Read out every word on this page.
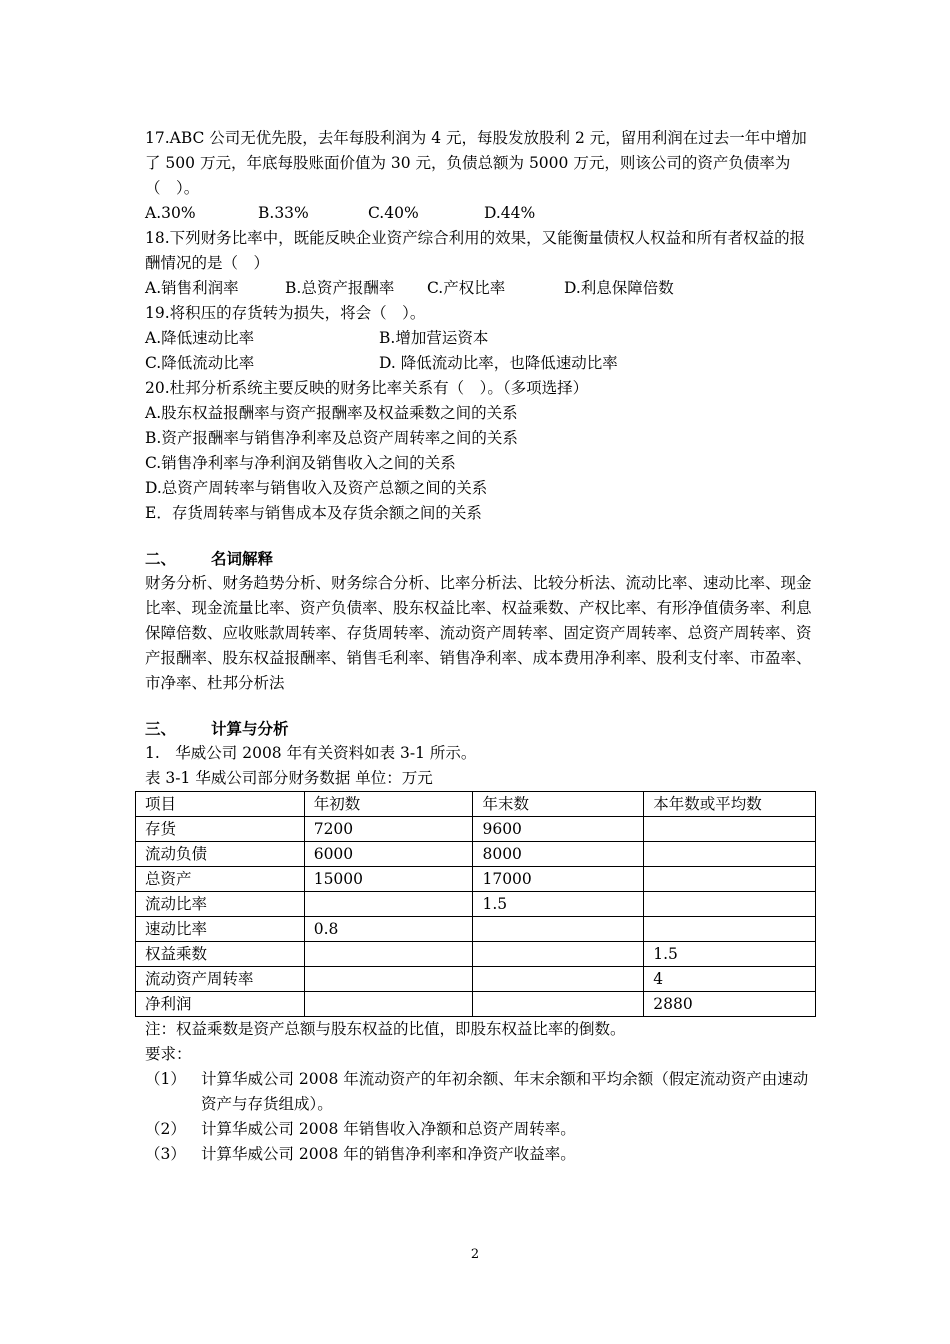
17.ABC 公司无优先股，去年每股利润为 4 元，每股发放股利 2 元，留用利润在过去一年中增加了 500 万元，年底每股账面价值为 30 元，负债总额为 5000 万元，则该公司的资产负债率为（　）。
A.30%	B.33%	C.40%	D.44%
18.下列财务比率中，既能反映企业资产综合利用的效果，又能衡量债权人权益和所有者权益的报酬情况的是（　）
A.销售利润率	B.总资产报酬率	C.产权比率	D.利息保障倍数
19.将积压的存货转为损失，将会（　）。
A.降低速动比率	B.增加营运资本
C.降低流动比率	D. 降低流动比率，也降低速动比率
20.杜邦分析系统主要反映的财务比率关系有（　）。（多项选择）
A.股东权益报酬率与资产报酬率及权益乘数之间的关系
B.资产报酬率与销售净利率及总资产周转率之间的关系
C.销售净利率与净利润及销售收入之间的关系
D.总资产周转率与销售收入及资产总额之间的关系
E．存货周转率与销售成本及存货余额之间的关系
二、 名词解释
财务分析、财务趋势分析、财务综合分析、比率分析法、比较分析法、流动比率、速动比率、现金比率、现金流量比率、资产负债率、股东权益比率、权益乘数、产权比率、有形净值债务率、利息保障倍数、应收账款周转率、存货周转率、流动资产周转率、固定资产周转率、总资产周转率、资产报酬率、股东权益报酬率、销售毛利率、销售净利率、成本费用净利率、股利支付率、市盈率、市净率、杜邦分析法
三、 计算与分析
1.　华威公司 2008 年有关资料如表 3-1 所示。
表 3-1 华威公司部分财务数据 单位：万元
项目	年初数	年末数	本年数或平均数
存货	7200	9600	
流动负债	6000	8000	
总资产	15000	17000	
流动比率		1.5	
速动比率	0.8		
权益乘数			1.5
流动资产周转率			4
净利润			2880
注：权益乘数是资产总额与股东权益的比值，即股东权益比率的倒数。
要求：
（1） 计算华威公司 2008 年流动资产的年初余额、年末余额和平均余额（假定流动资产由速动资产与存货组成）。
（2） 计算华威公司 2008 年销售收入净额和总资产周转率。
（3） 计算华威公司 2008 年的销售净利率和净资产收益率。
2
